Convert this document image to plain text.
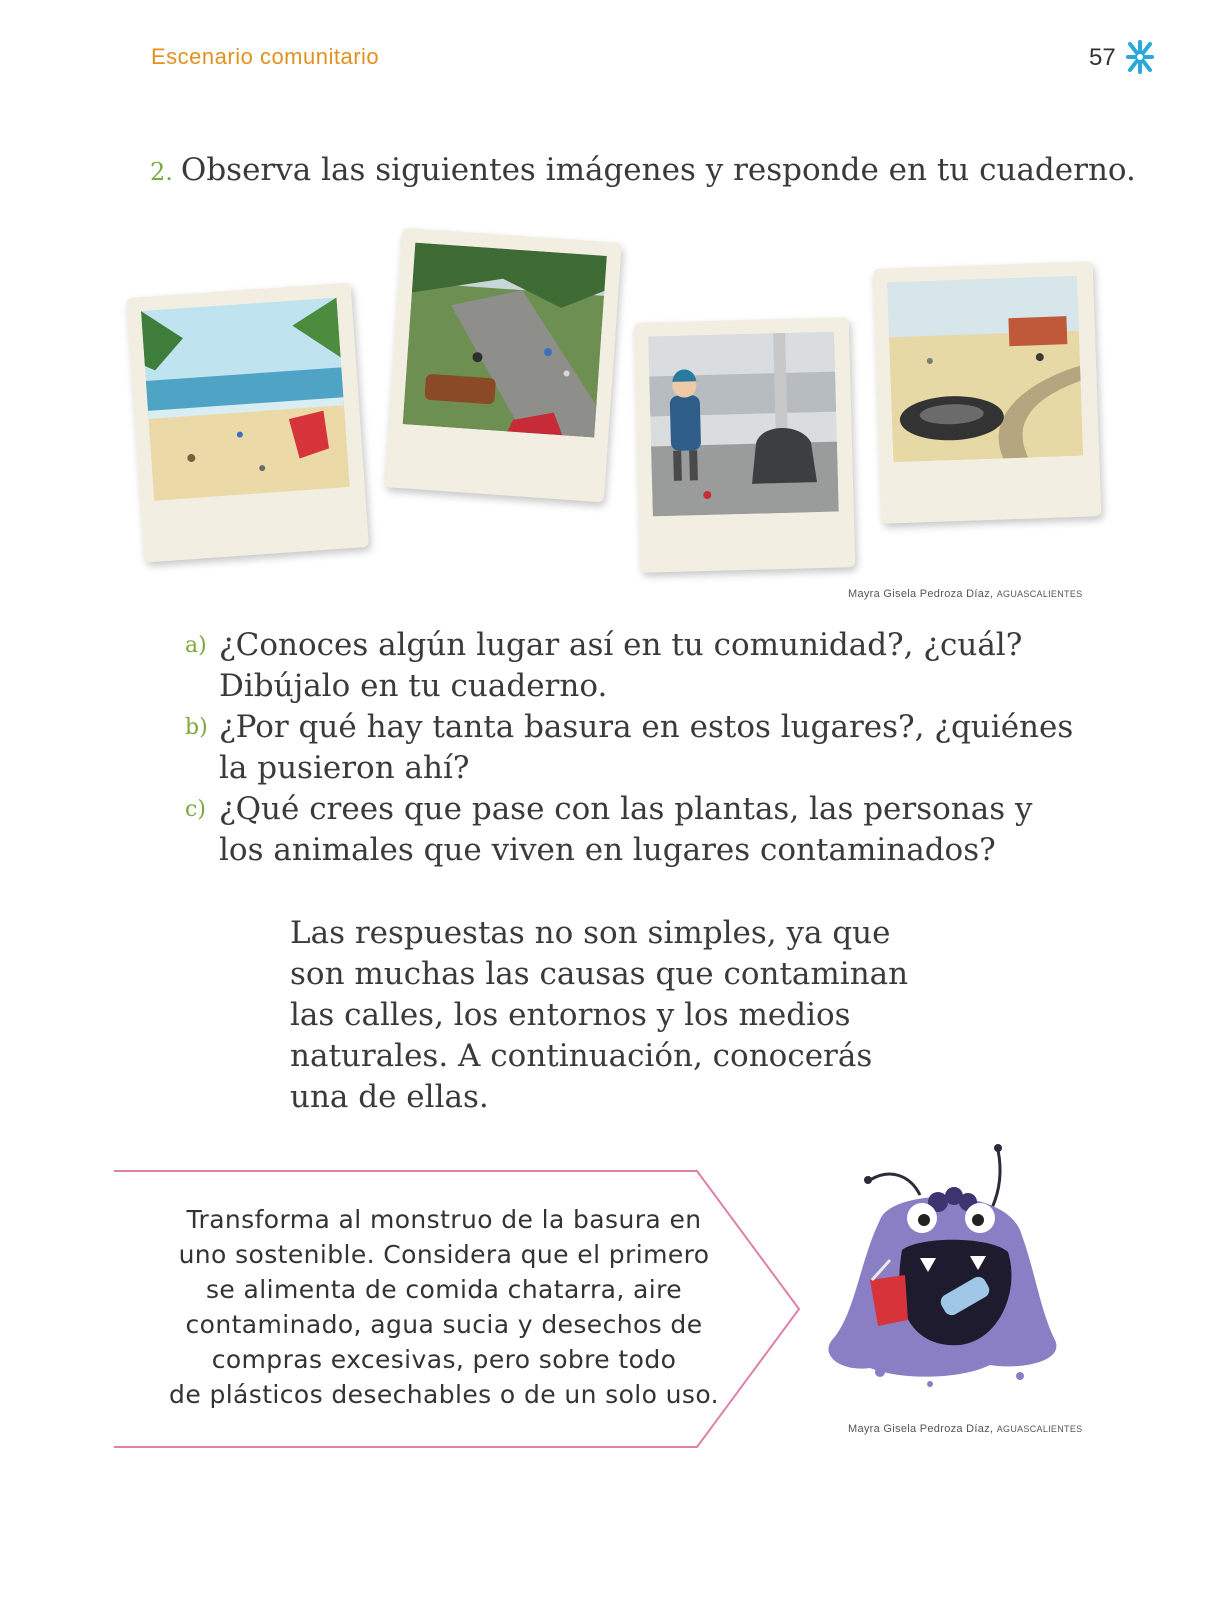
Escenario comunitario	57
2. Observa las siguientes imágenes y responde en tu cuaderno.
Mayra Gisela Pedroza Díaz, AGUASCALIENTES
a) ¿Conoces algún lugar así en tu comunidad?, ¿cuál? Dibújalo en tu cuaderno.
b) ¿Por qué hay tanta basura en estos lugares?, ¿quiénes la pusieron ahí?
c) ¿Qué crees que pase con las plantas, las personas y los animales que viven en lugares contaminados?
Las respuestas no son simples, ya que son muchas las causas que contaminan las calles, los entornos y los medios naturales. A continuación, conocerás una de ellas.
Transforma al monstruo de la basura en
uno sostenible. Considera que el primero
se alimenta de comida chatarra, aire
contaminado, agua sucia y desechos de
compras excesivas, pero sobre todo
de plásticos desechables o de un solo uso.
Mayra Gisela Pedroza Díaz, AGUASCALIENTES
